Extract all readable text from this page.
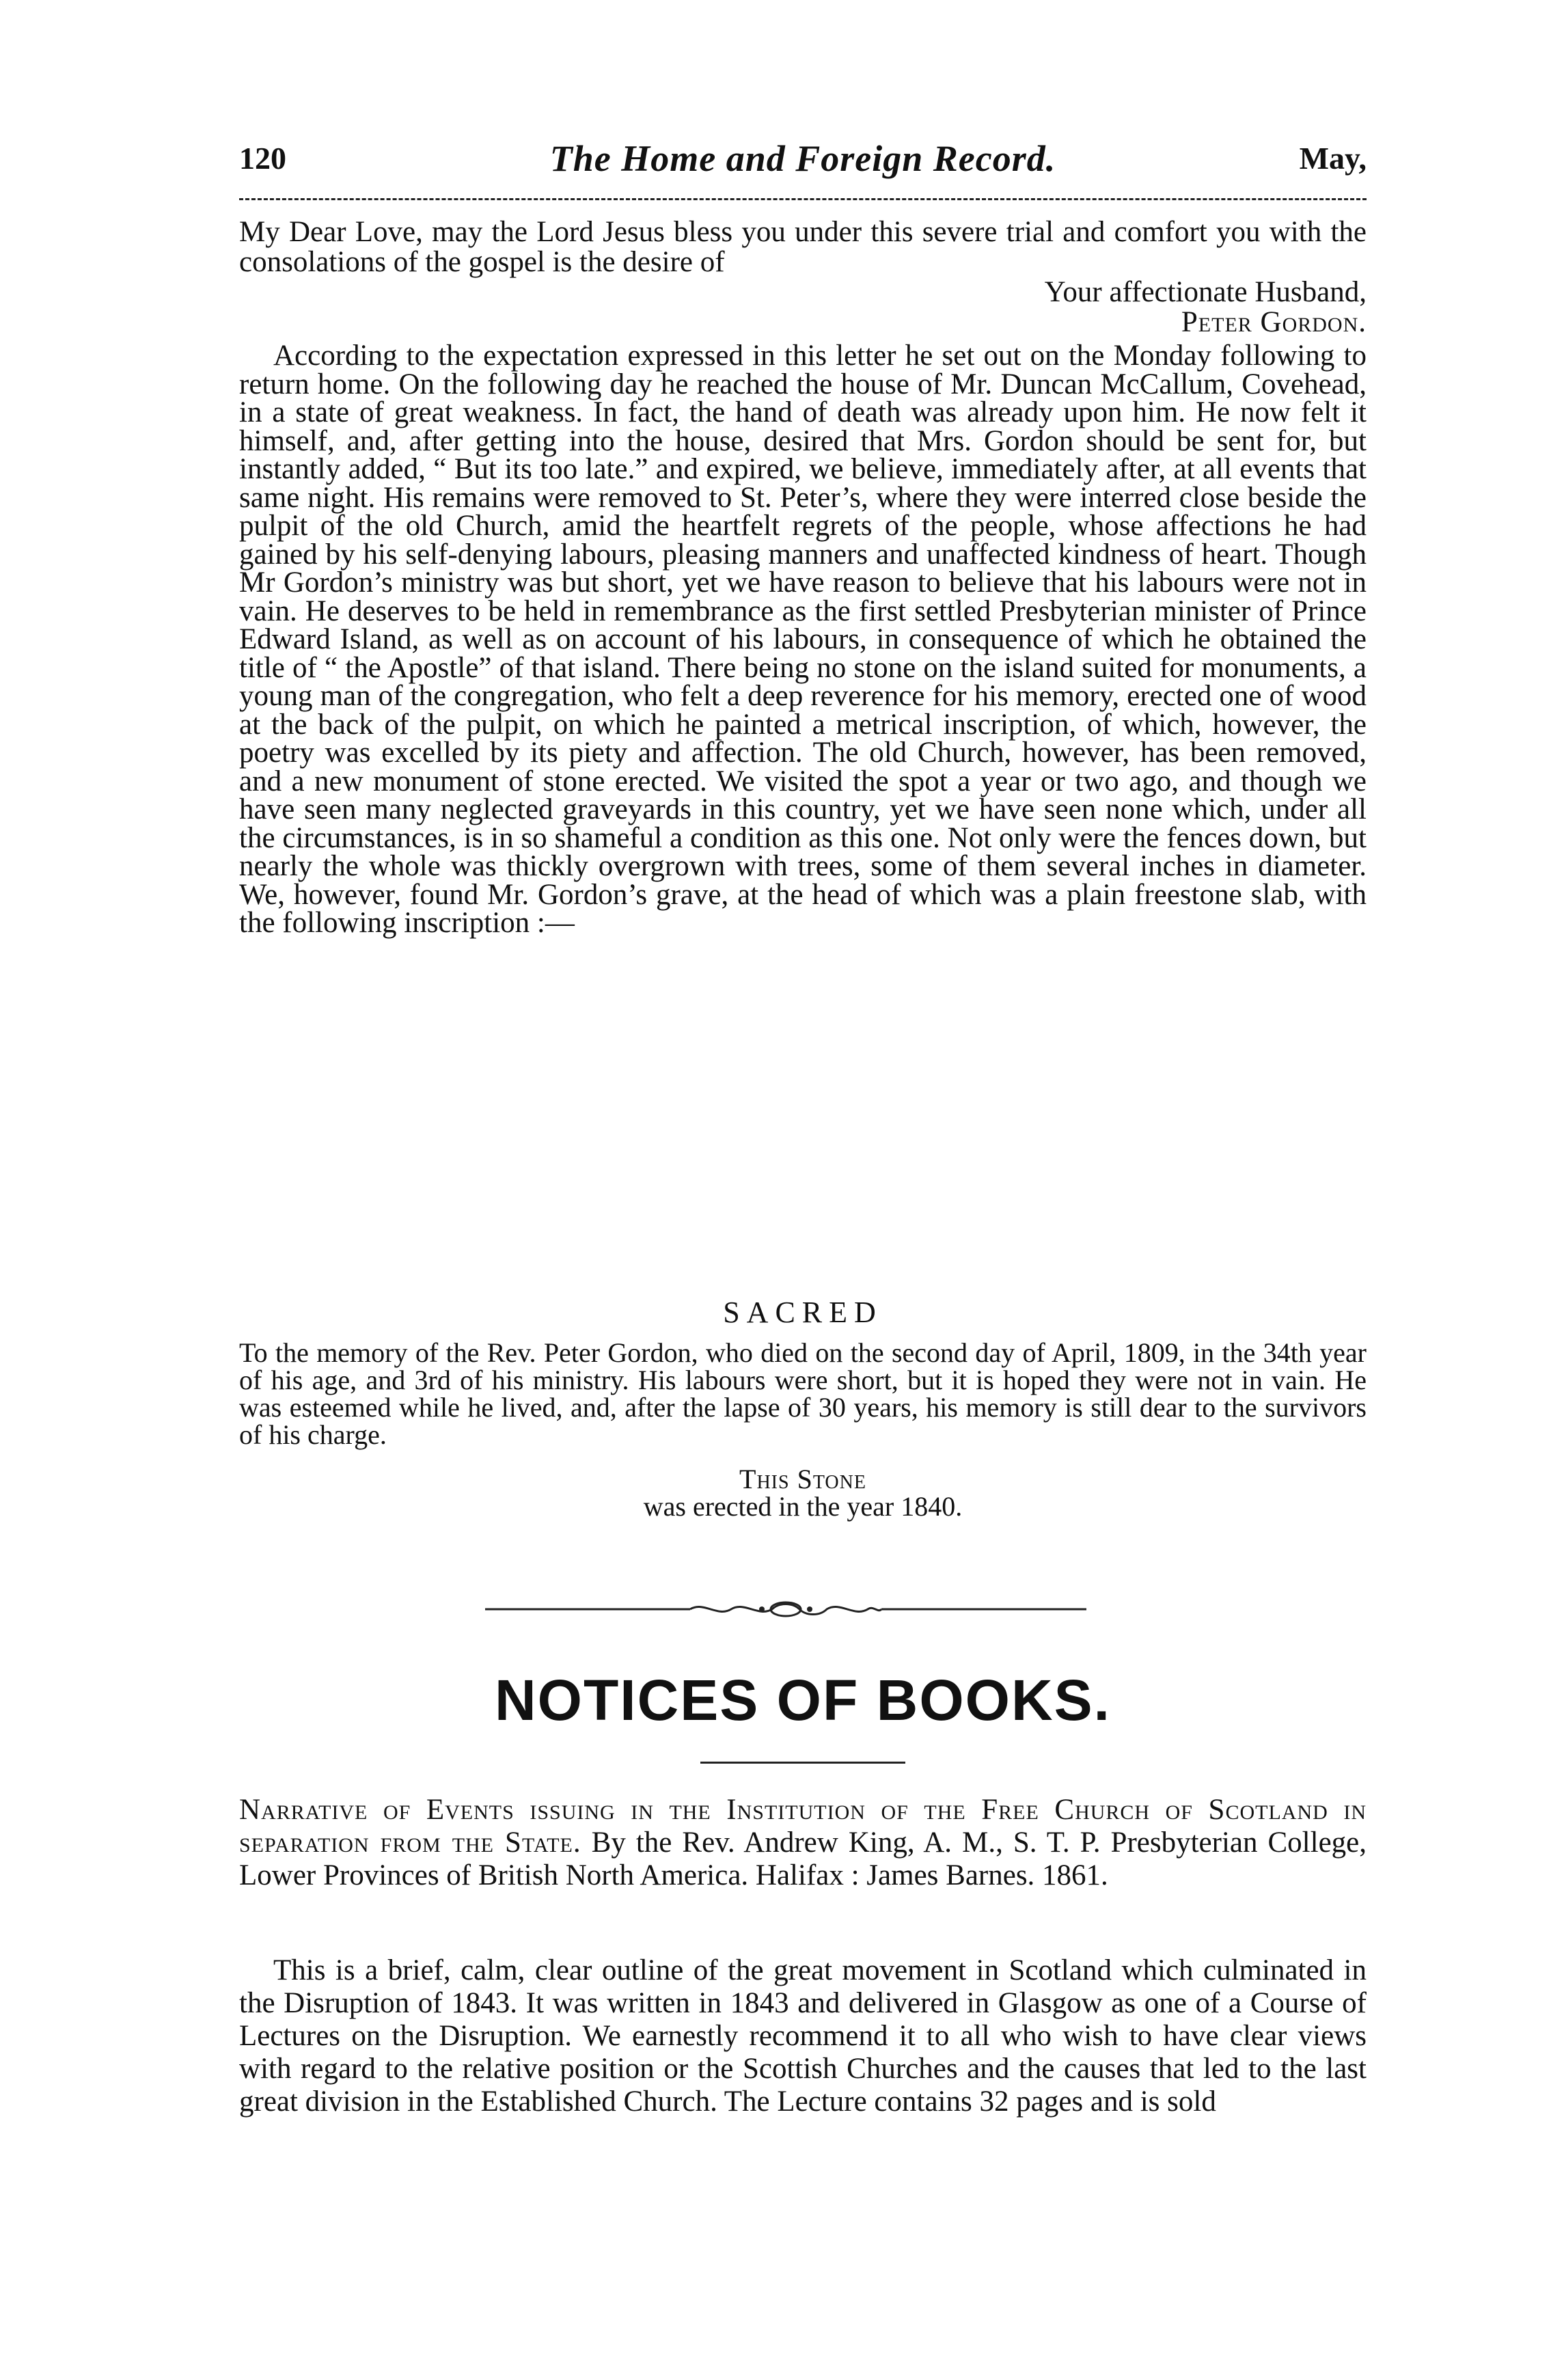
120	The Home and Foreign Record.	May,

My Dear Love, may the Lord Jesus bless you under this severe trial and comfort you with the consolations of the gospel is the desire of

Your affectionate Husband,
Peter Gordon.

According to the expectation expressed in this letter he set out on the Monday following to return home. On the following day he reached the house of Mr. Duncan McCallum, Covehead, in a state of great weakness. In fact, the hand of death was already upon him. He now felt it himself, and, after getting into the house, desired that Mrs. Gordon should be sent for, but instantly added, “ But its too late.” and expired, we believe, immediately after, at all events that same night. His remains were removed to St. Peter’s, where they were interred close beside the pulpit of the old Church, amid the heartfelt regrets of the people, whose affections he had gained by his self-denying labours, pleasing manners and unaffected kindness of heart. Though Mr Gordon’s ministry was but short, yet we have reason to believe that his labours were not in vain. He deserves to be held in remembrance as the first settled Presbyterian minister of Prince Edward Island, as well as on account of his labours, in consequence of which he obtained the title of “ the Apostle” of that island. There being no stone on the island suited for monuments, a young man of the congregation, who felt a deep reverence for his memory, erected one of wood at the back of the pulpit, on which he painted a metrical inscription, of which, however, the poetry was excelled by its piety and affection. The old Church, however, has been removed, and a new monument of stone erected. We visited the spot a year or two ago, and though we have seen many neglected graveyards in this country, yet we have seen none which, under all the circumstances, is in so shameful a condition as this one. Not only were the fences down, but nearly the whole was thickly overgrown with trees, some of them several inches in diameter. We, however, found Mr. Gordon’s grave, at the head of which was a plain freestone slab, with the following inscription :—

SACRED

To the memory of the Rev. Peter Gordon, who died on the second day of April, 1809, in the 34th year of his age, and 3rd of his ministry. His labours were short, but it is hoped they were not in vain. He was esteemed while he lived, and, after the lapse of 30 years, his memory is still dear to the survivors of his charge.

This Stone
was erected in the year 1840.
NOTICES OF BOOKS.

Narrative of Events issuing in the Institution of the Free Church of Scotland in separation from the State. By the Rev. Andrew King, A. M., S. T. P. Presbyterian College, Lower Provinces of British North America. Halifax : James Barnes. 1861.

This is a brief, calm, clear outline of the great movement in Scotland which culminated in the Disruption of 1843. It was written in 1843 and delivered in Glasgow as one of a Course of Lectures on the Disruption. We earnestly recommend it to all who wish to have clear views with regard to the relative position or the Scottish Churches and the causes that led to the last great division in the Established Church. The Lecture contains 32 pages and is sold
